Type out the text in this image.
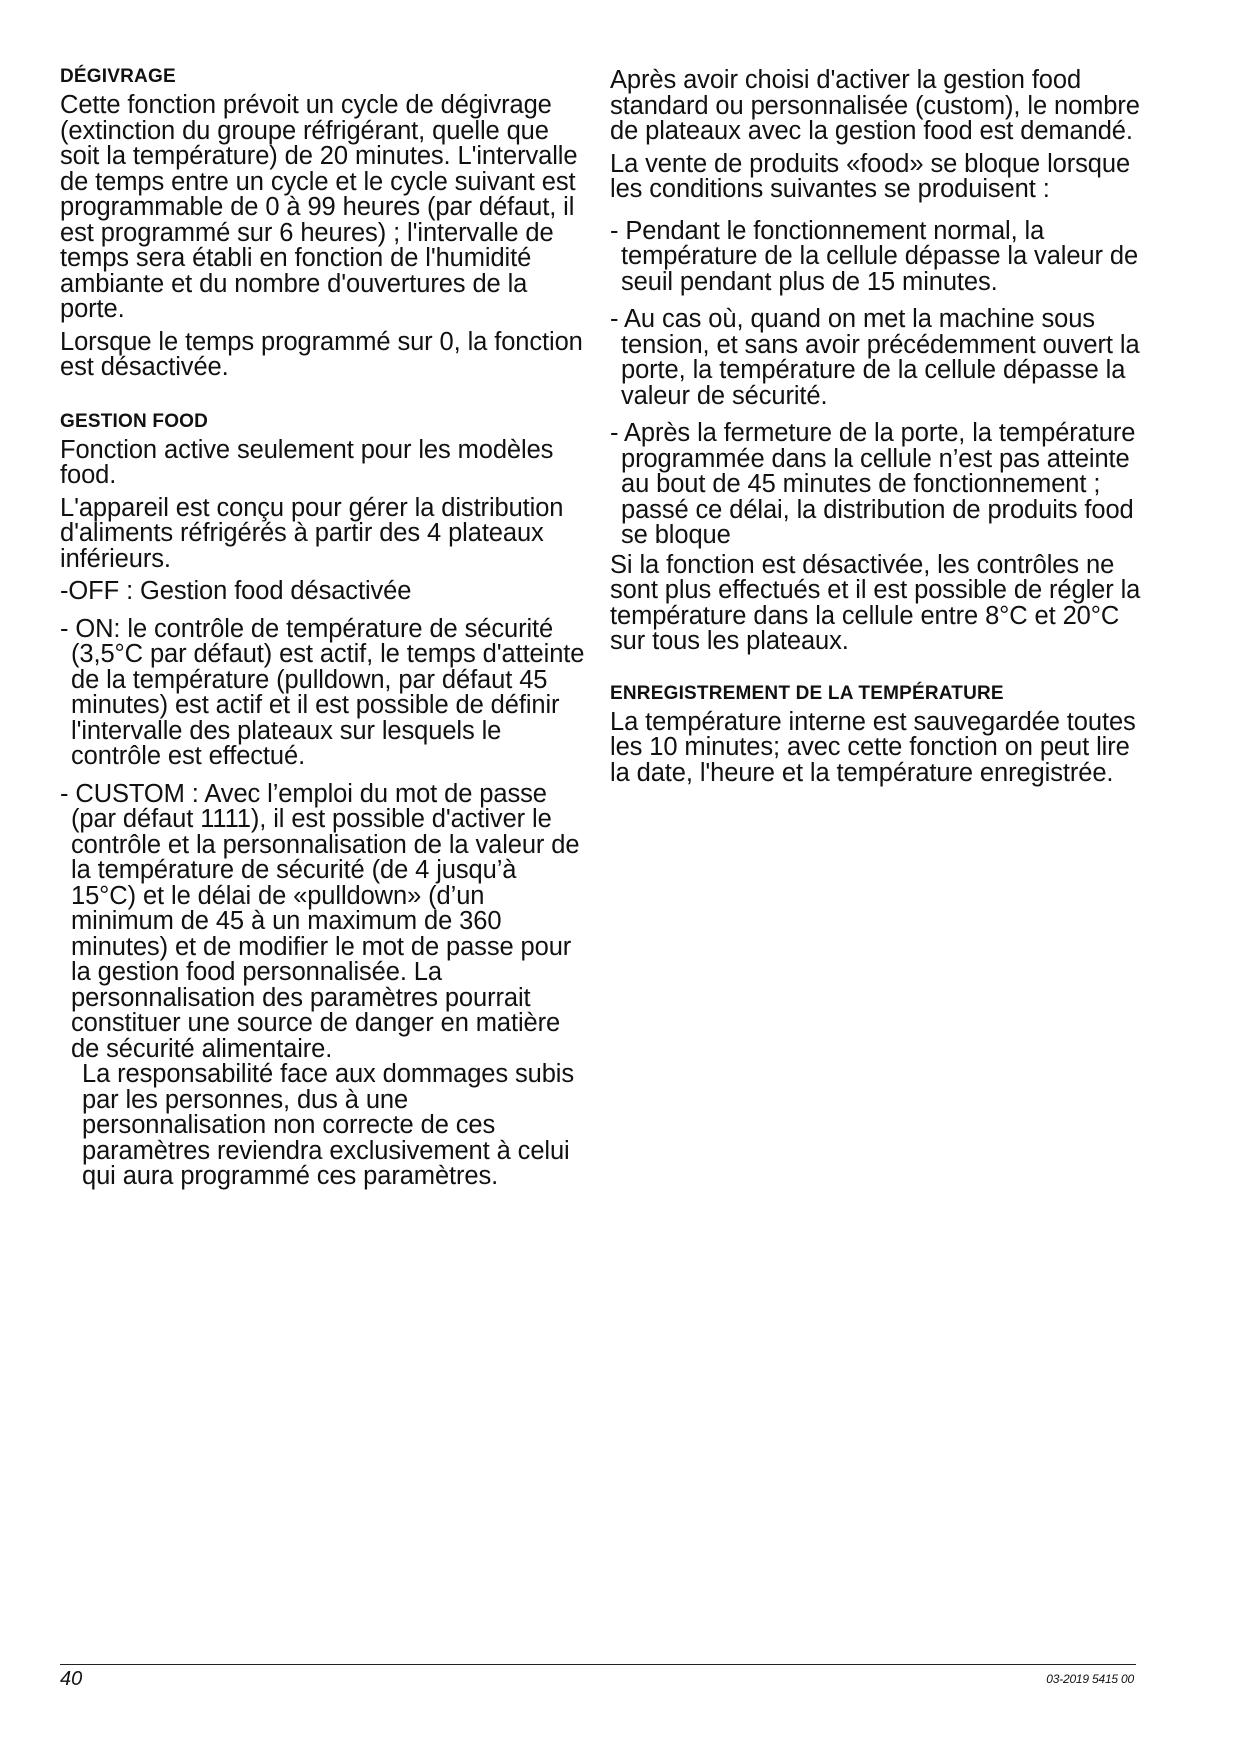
DÉGIVRAGE

Cette fonction prévoit un cycle de dégivrage (extinction du groupe réfrigérant, quelle que soit la température) de 20 minutes. L'intervalle de temps entre un cycle et le cycle suivant est programmable de 0 à 99 heures (par défaut, il est programmé sur 6 heures) ; l'intervalle de temps sera établi en fonction de l'humidité ambiante et du nombre d'ouvertures de la porte.

Lorsque le temps programmé sur 0, la fonction est désactivée.

GESTION FOOD

Fonction active seulement pour les modèles food.

L'appareil est conçu pour gérer la distribution d'aliments réfrigérés à partir des 4 plateaux inférieurs.

-OFF : Gestion food désactivée

- ON: le contrôle de température de sécurité (3,5°C par défaut) est actif, le temps d'atteinte de la température (pulldown, par défaut 45 minutes) est actif et il est possible de définir l'intervalle des plateaux sur lesquels le contrôle est effectué.

- CUSTOM : Avec l’emploi du mot de passe (par défaut 1111), il est possible d'activer le contrôle et la personnalisation de la valeur de la température de sécurité (de 4 jusqu’à 15°C) et le délai de «pulldown» (d’un minimum de 45 à un maximum de 360 minutes) et de modifier le mot de passe pour la gestion food personnalisée. La personnalisation des paramètres pourrait constituer une source de danger en matière de sécurité alimentaire.
La responsabilité face aux dommages subis par les personnes, dus à une personnalisation non correcte de ces paramètres reviendra exclusivement à celui qui aura programmé ces paramètres.

Après avoir choisi d'activer la gestion food standard ou personnalisée (custom), le nombre de plateaux avec la gestion food est demandé.

La vente de produits «food» se bloque lorsque les conditions suivantes se produisent :

- Pendant le fonctionnement normal, la température de la cellule dépasse la valeur de seuil pendant plus de 15 minutes.

- Au cas où, quand on met la machine sous tension, et sans avoir précédemment ouvert la porte, la température de la cellule dépasse la valeur de sécurité.

- Après la fermeture de la porte, la température programmée dans la cellule n’est pas atteinte au bout de 45 minutes de fonctionnement ; passé ce délai, la distribution de produits food se bloque

Si la fonction est désactivée, les contrôles ne sont plus effectués et il est possible de régler la température dans la cellule entre 8°C et 20°C sur tous les plateaux.

ENREGISTREMENT DE LA TEMPÉRATURE

La température interne est sauvegardée toutes les 10 minutes; avec cette fonction on peut lire la date, l'heure et la température enregistrée.

40	03-2019 5415 00
